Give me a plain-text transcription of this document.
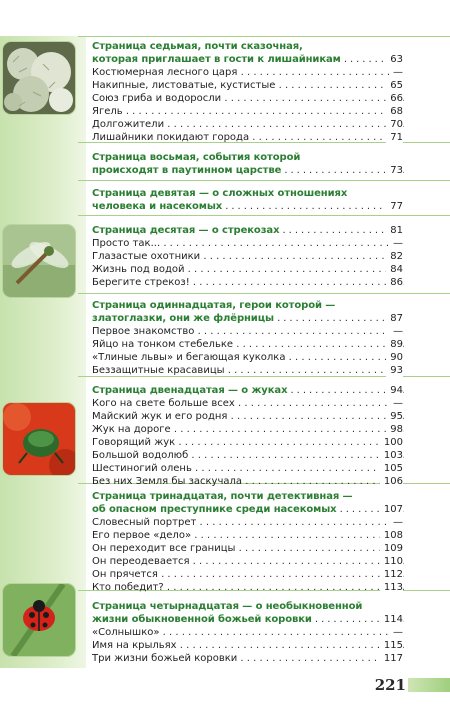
Страница седьмая, почти сказочная,
которая приглашает в гости к лишайникам . . .	63
Костюмерная лесного царя . . .	—
Накипные, листоватые, кустистые . . .	65
Союз гриба и водоросли . . .	66
Ягель . . .	68
Долгожители . . .	70
Лишайники покидают города . . .	71
Страница восьмая, события которой
происходят в паутинном царстве . . .	73
Страница девятая — о сложных отношениях
человека и насекомых . . .	77
Страница десятая — о стрекозах . . .	81
Просто так... . . .	—
Глазастые охотники . . .	82
Жизнь под водой . . .	84
Берегите стрекоз! . . .	86
Страница одиннадцатая, герои которой —
златоглазки, они же флёрницы . . .	87
Первое знакомство . . .	—
Яйцо на тонком стебельке . . .	89
«Тлиные львы» и бегающая куколка . . .	90
Беззащитные красавицы . . .	93
Страница двенадцатая — о жуках . . .	94
Кого на свете больше всех . . .	—
Майский жук и его родня . . .	95
Жук на дороге . . .	98
Говорящий жук . . .	100
Большой водолюб . . .	103
Шестиногий олень . . .	105
Без них Земля бы заскучала . . .	106
Страница тринадцатая, почти детективная —
об опасном преступнике среди насекомых . . .	107
Словесный портрет . . .	—
Его первое «дело» . . .	108
Он переходит все границы . . .	109
Он переодевается . . .	110
Он прячется . . .	112
Кто победит? . . .	113
Страница четырнадцатая — о необыкновенной
жизни обыкновенной божьей коровки . . .	114
«Солнышко» . . .	—
Имя на крыльях . . .	115
Три жизни божьей коровки . . .	117
221
